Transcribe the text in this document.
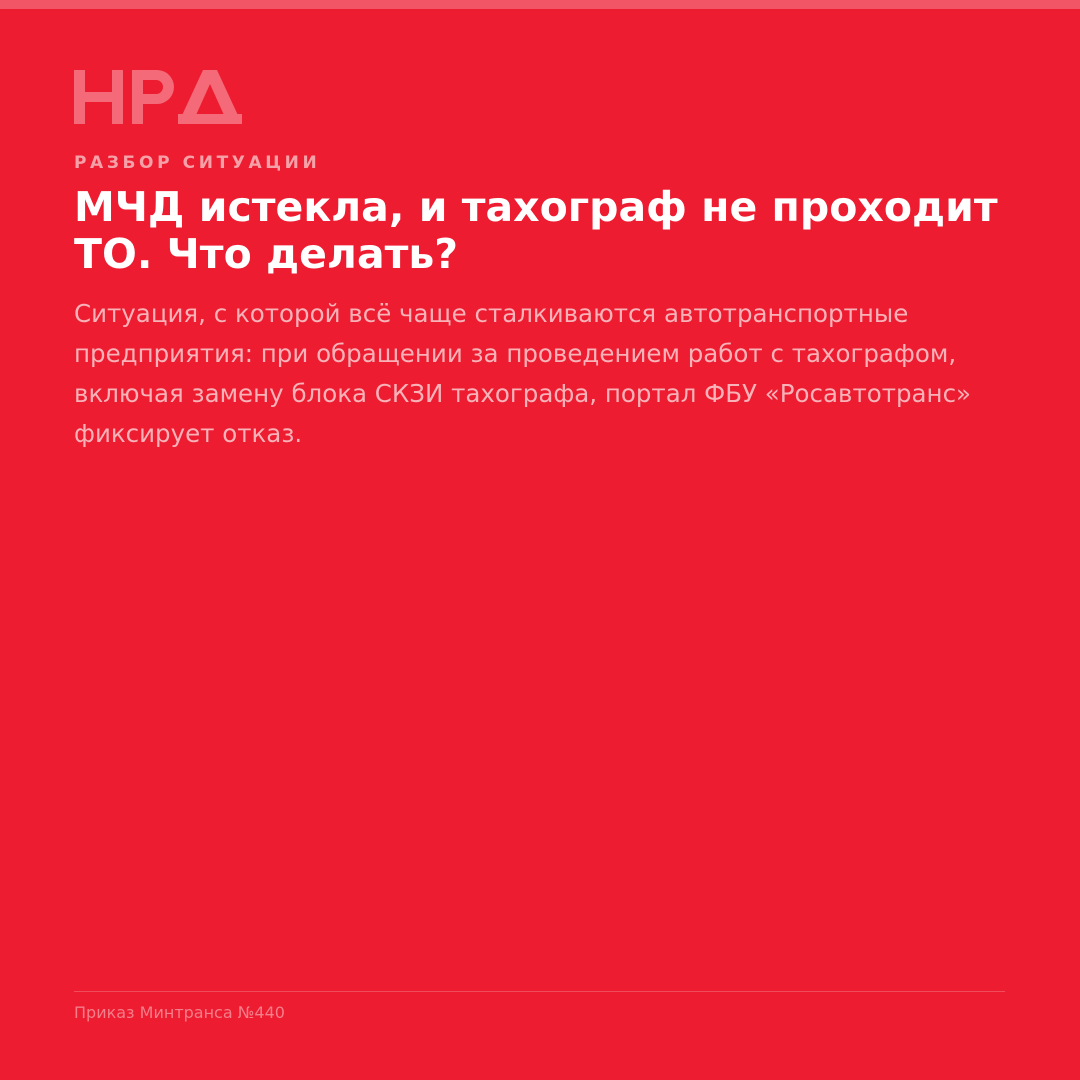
РАЗБОР СИТУАЦИИ

МЧД истекла, и тахограф не проходит ТО. Что делать?

Ситуация, с которой всё чаще сталкиваются автотранспортные предприятия: при обращении за проведением работ с тахографом, включая замену блока СКЗИ тахографа, портал ФБУ «Росавтотранс» фиксирует отказ.

Приказ Минтранса №440
